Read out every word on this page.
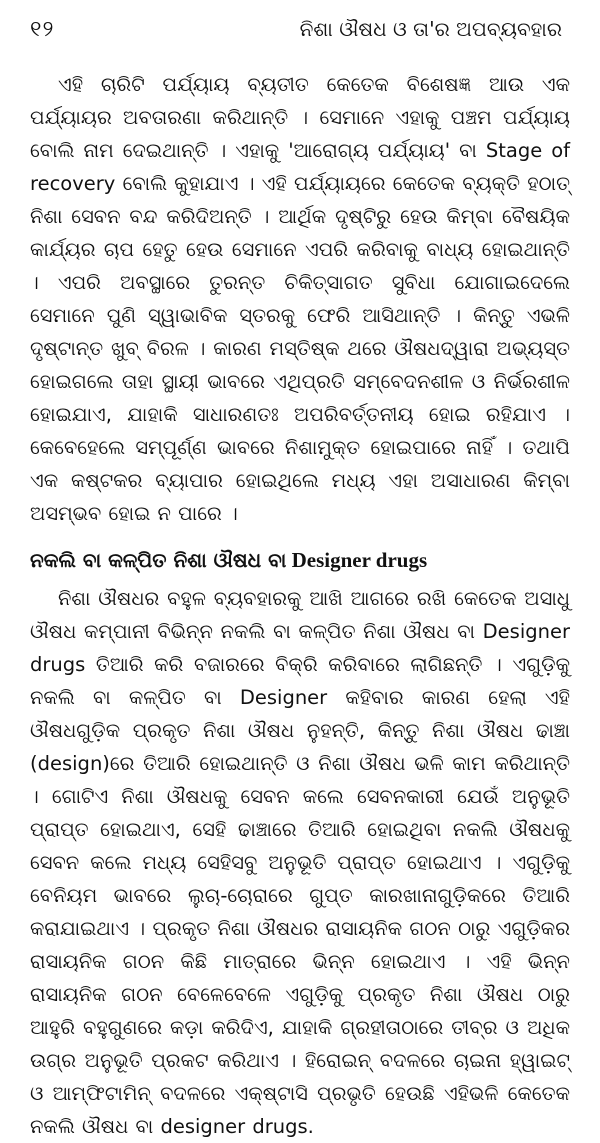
୧୨	ନିଶା ଔଷଧ ଓ ତା'ର ଅପବ୍ୟବହାର

ଏହି ଚାରିଟି ପର୍ଯ୍ୟାୟ ବ୍ୟତୀତ କେତେକ ବିଶେଷଜ୍ଞ ଆଉ ଏକ ପର୍ଯ୍ୟାୟର ଅବତାରଣା କରିଥାନ୍ତି । ସେମାନେ ଏହାକୁ ପଞ୍ଚମ ପର୍ଯ୍ୟାୟ ବୋଲି ନାମ ଦେଇଥାନ୍ତି । ଏହାକୁ 'ଆରୋଗ୍ୟ ପର୍ଯ୍ୟାୟ' ବା Stage of recovery ବୋଲି କୁହାଯାଏ । ଏହି ପର୍ଯ୍ୟାୟରେ କେତେକ ବ୍ୟକ୍ତି ହଠାତ୍ ନିଶା ସେବନ ବନ୍ଦ କରିଦିଅନ୍ତି । ଆର୍ଥିକ ଦୃଷ୍ଟିରୁ ହେଉ କିମ୍ବା ବୈଷୟିକ କାର୍ଯ୍ୟର ଚାପ ହେତୁ ହେଉ ସେମାନେ ଏପରି କରିବାକୁ ବାଧ୍ୟ ହୋଇଥାନ୍ତି । ଏପରି ଅବସ୍ଥାରେ ତୁରନ୍ତ ଚିକିତ୍ସାଗତ ସୁବିଧା ଯୋଗାଇଦେଲେ ସେମାନେ ପୁଣି ସ୍ୱାଭାବିକ ସ୍ତରକୁ ଫେରି ଆସିଥାନ୍ତି । କିନ୍ତୁ ଏଭଳି ଦୃଷ୍ଟାନ୍ତ ଖୁବ୍ ବିରଳ । କାରଣ ମସ୍ତିଷ୍କ ଥରେ ଔଷଧଦ୍ୱାରା ଅଭ୍ୟସ୍ତ ହୋଇଗଲେ ତାହା ସ୍ଥାୟୀ ଭାବରେ ଏଥିପ୍ରତି ସମ୍ବେଦନଶୀଳ ଓ ନିର୍ଭରଶୀଳ ହୋଇଯାଏ, ଯାହାକି ସାଧାରଣତଃ ଅପରିବର୍ତ୍ତନୀୟ ହୋଇ ରହିଯାଏ । କେବେହେଲେ ସମ୍ପୂର୍ଣ୍ଣ ଭାବରେ ନିଶାମୁକ୍ତ ହୋଇପାରେ ନାହିଁ । ତଥାପି ଏକ କଷ୍ଟକର ବ୍ୟାପାର ହୋଇଥିଲେ ମଧ୍ୟ ଏହା ଅସାଧାରଣ କିମ୍ବା ଅସମ୍ଭବ ହୋଇ ନ ପାରେ ।

ନକଲି ବା କଳ୍ପିତ ନିଶା ଔଷଧ ବା Designer drugs

ନିଶା ଔଷଧର ବହୁଳ ବ୍ୟବହାରକୁ ଆଖି ଆଗରେ ରଖି କେତେକ ଅସାଧୁ ଔଷଧ କମ୍ପାନୀ ବିଭିନ୍ନ ନକଲି ବା କଳ୍ପିତ ନିଶା ଔଷଧ ବା Designer drugs ତିଆରି କରି ବଜାରରେ ବିକ୍ରି କରିବାରେ ଲାଗିଛନ୍ତି । ଏଗୁଡ଼ିକୁ ନକଲି ବା କଳ୍ପିତ ବା Designer କହିବାର କାରଣ ହେଲା ଏହି ଔଷଧଗୁଡ଼ିକ ପ୍ରକୃତ ନିଶା ଔଷଧ ନୁହନ୍ତି, କିନ୍ତୁ ନିଶା ଔଷଧ ଢାଞ୍ଚା (design)ରେ ତିଆରି ହୋଇଥାନ୍ତି ଓ ନିଶା ଔଷଧ ଭଳି କାମ କରିଥାନ୍ତି । ଗୋଟିଏ ନିଶା ଔଷଧକୁ ସେବନ କଲେ ସେବନକାରୀ ଯେଉଁ ଅନୁଭୂତି ପ୍ରାପ୍ତ ହୋଇଥାଏ, ସେହି ଢାଞ୍ଚାରେ ତିଆରି ହୋଇଥିବା ନକଲି ଔଷଧକୁ ସେବନ କଲେ ମଧ୍ୟ ସେହିସବୁ ଅନୁଭୂତି ପ୍ରାପ୍ତ ହୋଇଥାଏ । ଏଗୁଡ଼ିକୁ ବେନିୟମ ଭାବରେ ଲୁଚା-ଚୋରାରେ ଗୁପ୍ତ କାରଖାନାଗୁଡ଼ିକରେ ତିଆରି କରାଯାଇଥାଏ । ପ୍ରକୃତ ନିଶା ଔଷଧର ରାସାୟନିକ ଗଠନ ଠାରୁ ଏଗୁଡ଼ିକର ରାସାୟନିକ ଗଠନ କିଛି ମାତ୍ରାରେ ଭିନ୍ନ ହୋଇଥାଏ । ଏହି ଭିନ୍ନ ରାସାୟନିକ ଗଠନ ବେଳେବେଳେ ଏଗୁଡ଼ିକୁ ପ୍ରକୃତ ନିଶା ଔଷଧ ଠାରୁ ଆହୁରି ବହୁଗୁଣରେ କଡ଼ା କରିଦିଏ, ଯାହାକି ଗ୍ରହୀତାଠାରେ ତୀବ୍ର ଓ ଅଧିକ ଉଗ୍ର ଅନୁଭୂତି ପ୍ରକଟ କରିଥାଏ । ହିରୋଇନ୍ ବଦଳରେ ଚାଇନା ହ୍ୱାଇଟ୍ ଓ ଆମ୍ଫିଟାମିନ୍ ବଦଳରେ ଏକ୍‌ଷ୍ଟାସି ପ୍ରଭୃତି ହେଉଛି ଏହିଭଳି କେତେକ ନକଲି ଔଷଧ ବା designer drugs.
